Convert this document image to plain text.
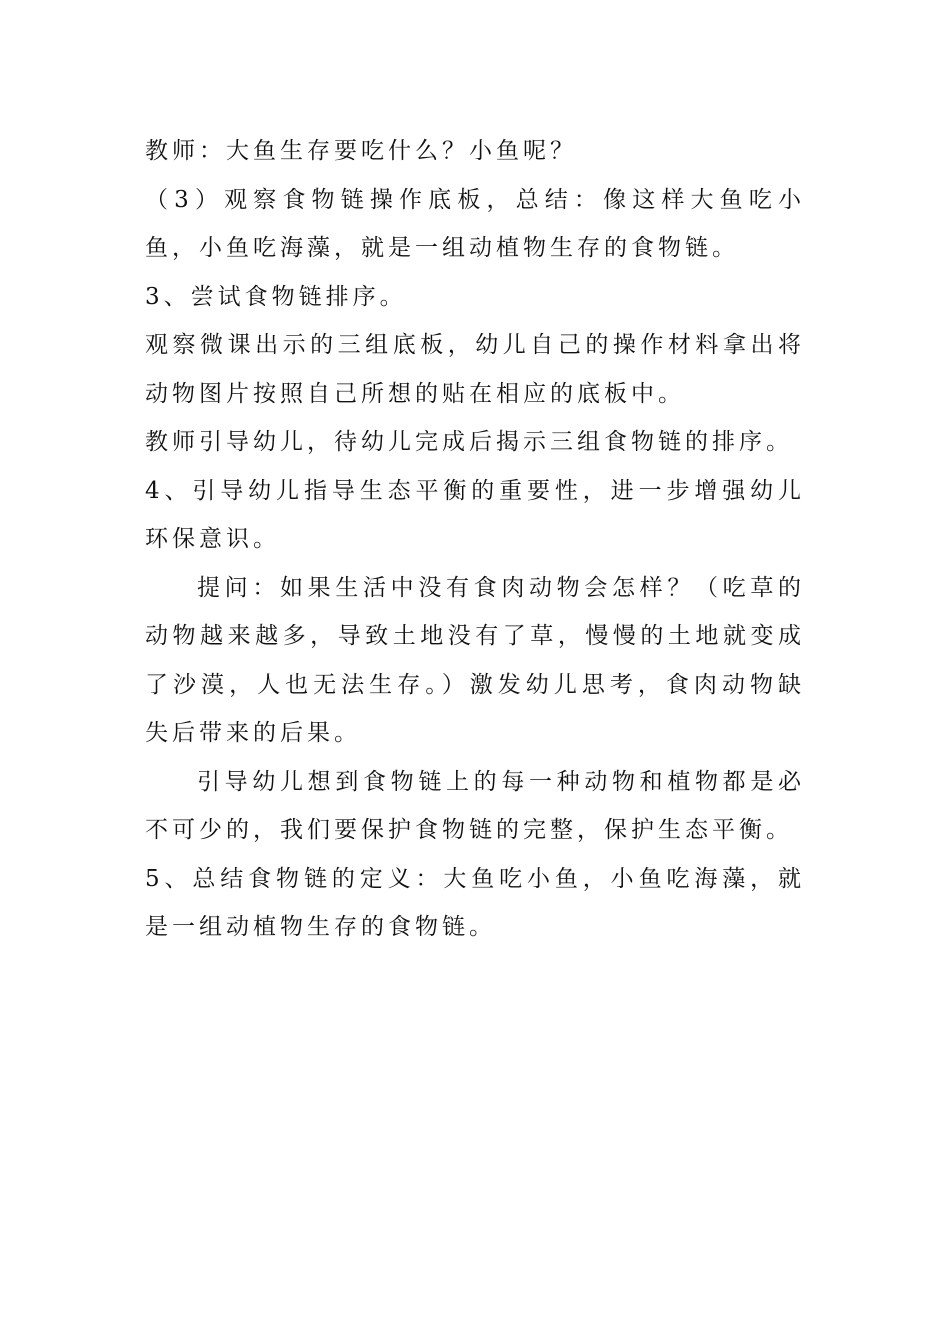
教师：大鱼生存要吃什么？小鱼呢？

（3）观察食物链操作底板，总结：像这样大鱼吃小鱼，小鱼吃海藻，就是一组动植物生存的食物链。

3、尝试食物链排序。

观察微课出示的三组底板，幼儿自己的操作材料拿出将动物图片按照自己所想的贴在相应的底板中。

教师引导幼儿，待幼儿完成后揭示三组食物链的排序。

4、引导幼儿指导生态平衡的重要性，进一步增强幼儿环保意识。

提问：如果生活中没有食肉动物会怎样？（吃草的动物越来越多，导致土地没有了草，慢慢的土地就变成了沙漠，人也无法生存。）激发幼儿思考，食肉动物缺失后带来的后果。

引导幼儿想到食物链上的每一种动物和植物都是必不可少的，我们要保护食物链的完整，保护生态平衡。

5、总结食物链的定义：大鱼吃小鱼，小鱼吃海藻，就是一组动植物生存的食物链。
